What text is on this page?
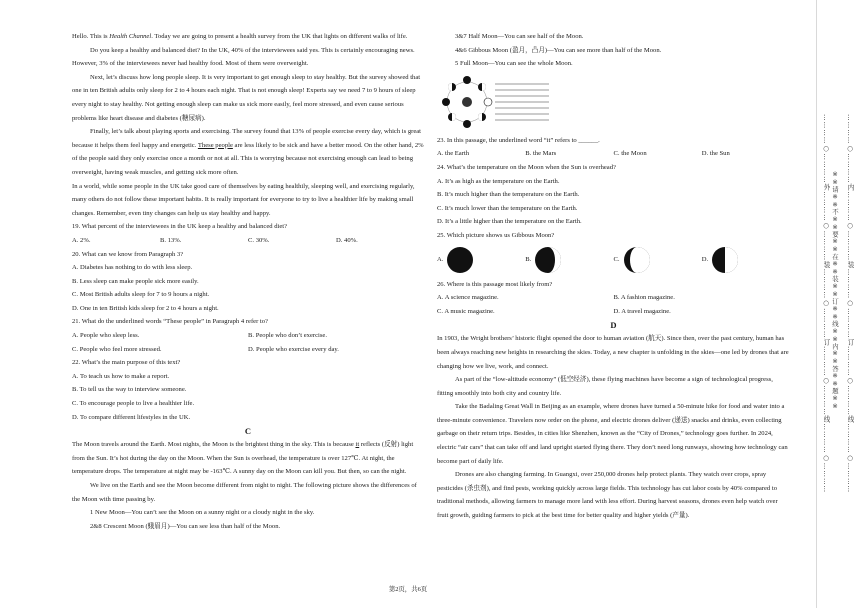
Hello. This is Health Channel. Today we are going to present a health survey from the UK that lights on different walks of life.

Do you keep a healthy and balanced diet? In the UK, 40% of the interviewees said yes. This is certainly encouraging news. However, 3% of the interviewees never had healthy food. Most of them were overweight.

Next, let’s discuss how long people sleep. It is very important to get enough sleep to stay healthy. But the survey showed that one in ten British adults only sleep for 2 to 4 hours each night. That is not enough sleep! Experts say we need 7 to 9 hours of sleep every night to stay healthy. Not getting enough sleep can make us sick more easily, feel more stressed, and even cause serious problems like heart disease and diabetes (糖尿病).

Finally, let’s talk about playing sports and exercising. The survey found that 13% of people exercise every day, which is great because it helps them feel happy and energetic. These people are less likely to be sick and have a better mood. On the other hand, 2% of the people said they only exercise once a month or not at all. This is worrying because not exercising enough can lead to being overweight, having weak muscles, and getting sick more often.

In a world, while some people in the UK take good care of themselves by eating healthily, sleeping well, and exercising regularly, many others do not follow these important habits. It is really important for everyone to try to live a healthier life by making small changes. Remember, even tiny changes can help us stay healthy and happy.

19. What percent of the interviewees in the UK keep a healthy and balanced diet?

A. 2%.	B. 13%.	C. 30%.	D. 40%.

20. What can we know from Paragraph 3?

A. Diabetes has nothing to do with less sleep.

B. Less sleep can make people sick more easily.

C. Most British adults sleep for 7 to 9 hours a night.

D. One in ten British kids sleep for 2 to 4 hours a night.

21. What do the underlined words “These people” in Paragraph 4 refer to?

A. People who sleep less.	B. People who don’t exercise.
C. People who feel more stressed.	D. People who exercise every day.

22. What’s the main purpose of this text?

A. To teach us how to make a report.

B. To tell us the way to interview someone.

C. To encourage people to live a healthier life.

D. To compare different lifestyles in the UK.

C

The Moon travels around the Earth. Most nights, the Moon is the brightest thing in the sky. This is because it reflects (反射) light from the Sun. It’s hot during the day on the Moon. When the Sun is overhead, the temperature is over 127℃. At night, the temperature drops. The temperature at night may be -163℃. A sunny day on the Moon can kill you. But then, so can the night.

We live on the Earth and see the Moon become different from night to night. The following picture shows the differences of the Moon with time passing by.

1 New Moon—You can’t see the Moon on a sunny night or a cloudy night in the sky.

2&8 Crescent Moon (蛾眉月)—You can see less than half of the Moon.

3&7 Half Moon—You can see half of the Moon.

4&6 Gibbous Moon (盈月，凸月)—You can see more than half of the Moon.

5 Full Moon—You can see the whole Moon.

23. In this passage, the underlined word “it” refers to ______.

A. the Earth	B. the Mars	C. the Moon	D. the Sun

24. What’s the temperature on the Moon when the Sun is overhead?

A. It’s as high as the temperature on the Earth.

B. It’s much higher than the temperature on the Earth.

C. It’s much lower than the temperature on the Earth.

D. It’s a little higher than the temperature on the Earth.

25. Which picture shows us Gibbous Moon?

A.	B.	C.	D.

26. Where is this passage most likely from?

A. A science magazine.	B. A fashion magazine.
C. A music magazine.	D. A travel magazine.

D

In 1903, the Wright brothers’ historic flight opened the door to human aviation (航天). Since then, over the past century, human has been always reaching new heights in researching the skies. Today, a new chapter is unfolding in the skies—one led by drones that are changing how we live, work, and connect.

As part of the “low-altitude economy” (低空经济), these flying machines have become a sign of technological progress, fitting smoothly into both city and country life.

Take the Badaling Great Wall in Beijing as an example, where drones have turned a 50-minute hike for food and water into a three-minute convenience. Travelers now order on the phone, and electric drones deliver (递送) snacks and drinks, even collecting garbage on their return trips. Besides, in cities like Shenzhen, known as the “City of Drones,” technology goes further. In 2024, electric “air cars” that can take off and land upright started flying there. They don’t need long runways, showing how technology can become part of daily life.

Drones are also changing farming. In Guangxi, over 250,000 drones help protect plants. They watch over crops, spray pesticides (杀虫剂), and find pests, working quickly across large fields. This technology has cut labor costs by 40% compared to traditional methods, allowing farmers to manage more land with less effort. During harvest seasons, drones even help watch over fruit growth, guiding farmers to pick at the best time for better quality and higher yields (产量).

第2页，共6页
…………○…………外…………○…………装…………○…………订…………○…………线…………○………… ※※请※※不※※要※※在※※装※※订※※线※※内※※答※※题※※ …………○…………内…………○…………装…………○…………订…………○…………线…………○…………
